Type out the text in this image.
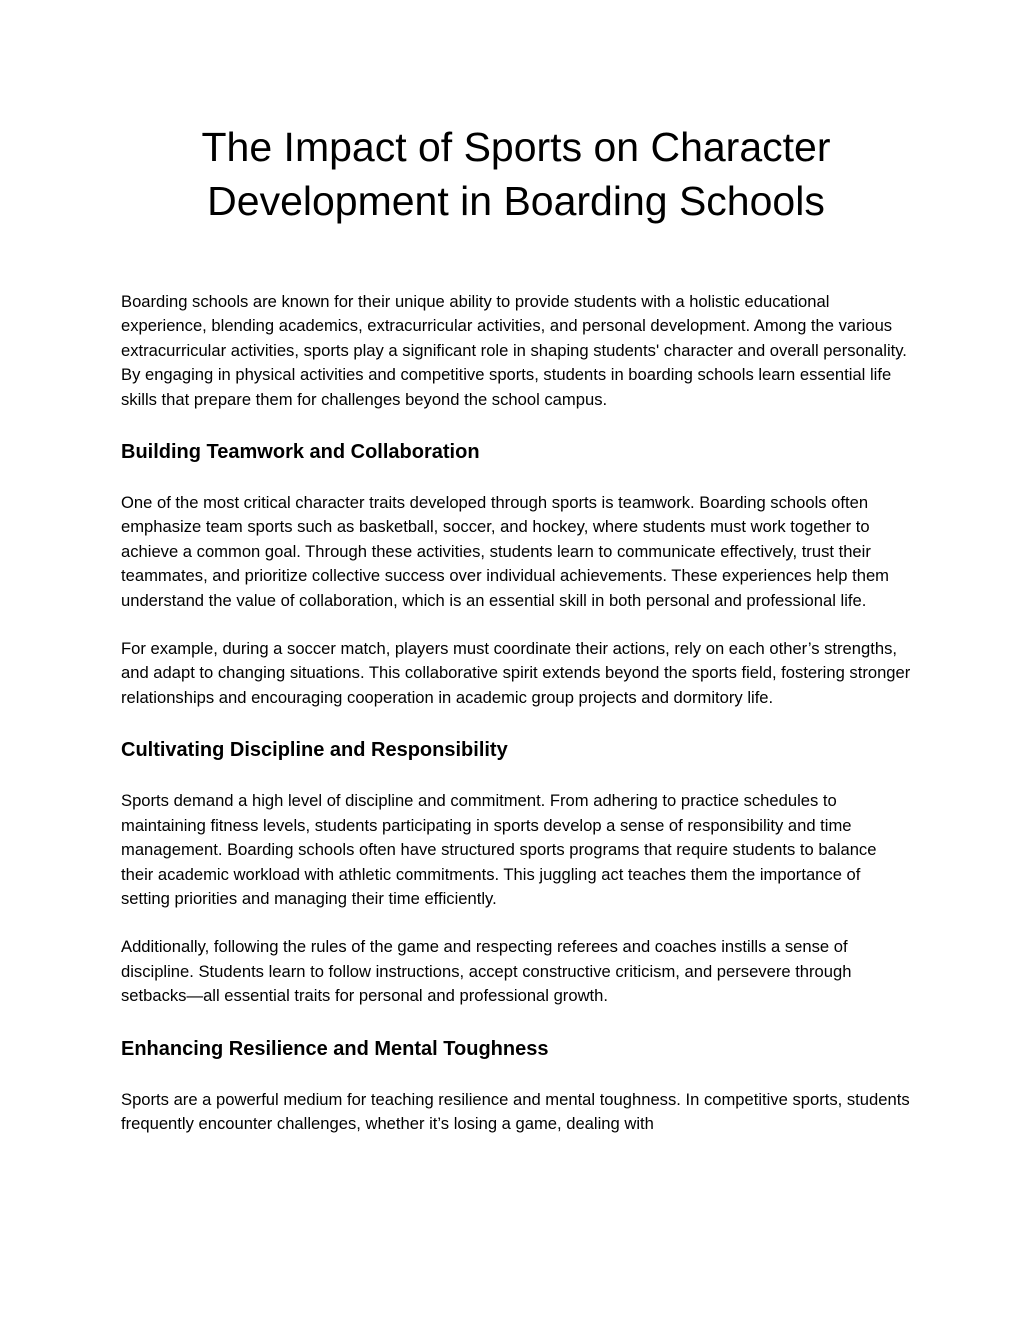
The Impact of Sports on Character
Development in Boarding Schools

Boarding schools are known for their unique ability to provide students with a holistic educational experience, blending academics, extracurricular activities, and personal development. Among the various extracurricular activities, sports play a significant role in shaping students' character and overall personality. By engaging in physical activities and competitive sports, students in boarding schools learn essential life skills that prepare them for challenges beyond the school campus.

Building Teamwork and Collaboration

One of the most critical character traits developed through sports is teamwork. Boarding schools often emphasize team sports such as basketball, soccer, and hockey, where students must work together to achieve a common goal. Through these activities, students learn to communicate effectively, trust their teammates, and prioritize collective success over individual achievements. These experiences help them understand the value of collaboration, which is an essential skill in both personal and professional life.

For example, during a soccer match, players must coordinate their actions, rely on each other’s strengths, and adapt to changing situations. This collaborative spirit extends beyond the sports field, fostering stronger relationships and encouraging cooperation in academic group projects and dormitory life.

Cultivating Discipline and Responsibility

Sports demand a high level of discipline and commitment. From adhering to practice schedules to maintaining fitness levels, students participating in sports develop a sense of responsibility and time management. Boarding schools often have structured sports programs that require students to balance their academic workload with athletic commitments. This juggling act teaches them the importance of setting priorities and managing their time efficiently.

Additionally, following the rules of the game and respecting referees and coaches instills a sense of discipline. Students learn to follow instructions, accept constructive criticism, and persevere through setbacks—all essential traits for personal and professional growth.

Enhancing Resilience and Mental Toughness

Sports are a powerful medium for teaching resilience and mental toughness. In competitive sports, students frequently encounter challenges, whether it’s losing a game, dealing with
